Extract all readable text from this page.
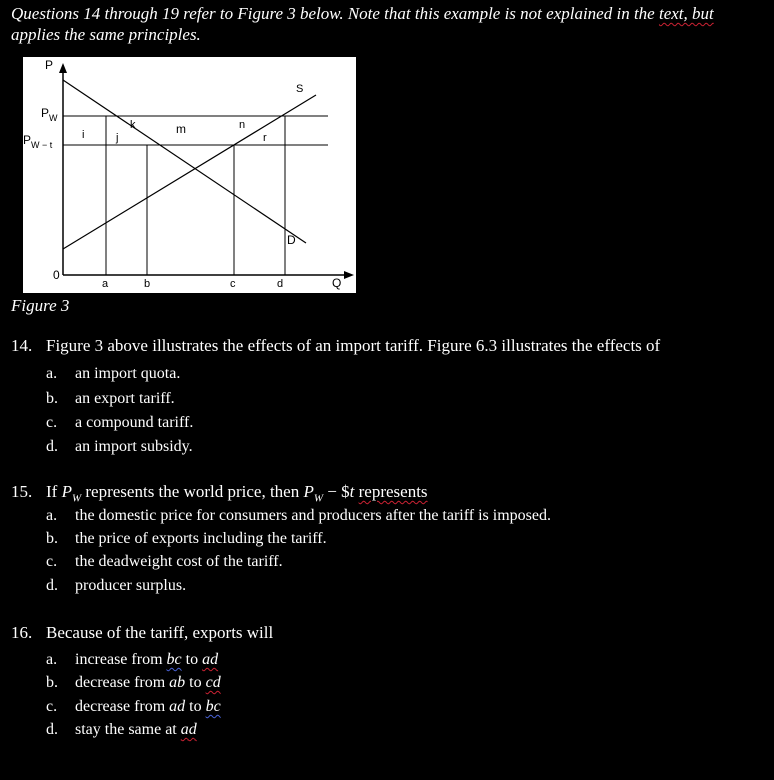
Questions 14 through 19 refer to Figure 3 below. Note that this example is not explained in the text, but
applies the same principles.
P
Q
0
$P_W$
$P_{W - t}$
S
D
i	j
k	m	n
r
a	b	c	d
Figure 3
14. Figure 3 above illustrates the effects of an import tariff. Figure 6.3 illustrates the effects of
a. an import quota.
b. an export tariff.
c. a compound tariff.
d. an import subsidy.
15. If $P_W$ represents the world price, then $P_W$ − $t represents
a. the domestic price for consumers and producers after the tariff is imposed.
b. the price of exports including the tariff.
c. the deadweight cost of the tariff.
d. producer surplus.
16. Because of the tariff, exports will
a. increase from bc to ad
b. decrease from ab to cd
c. decrease from ad to bc
d. stay the same at ad
